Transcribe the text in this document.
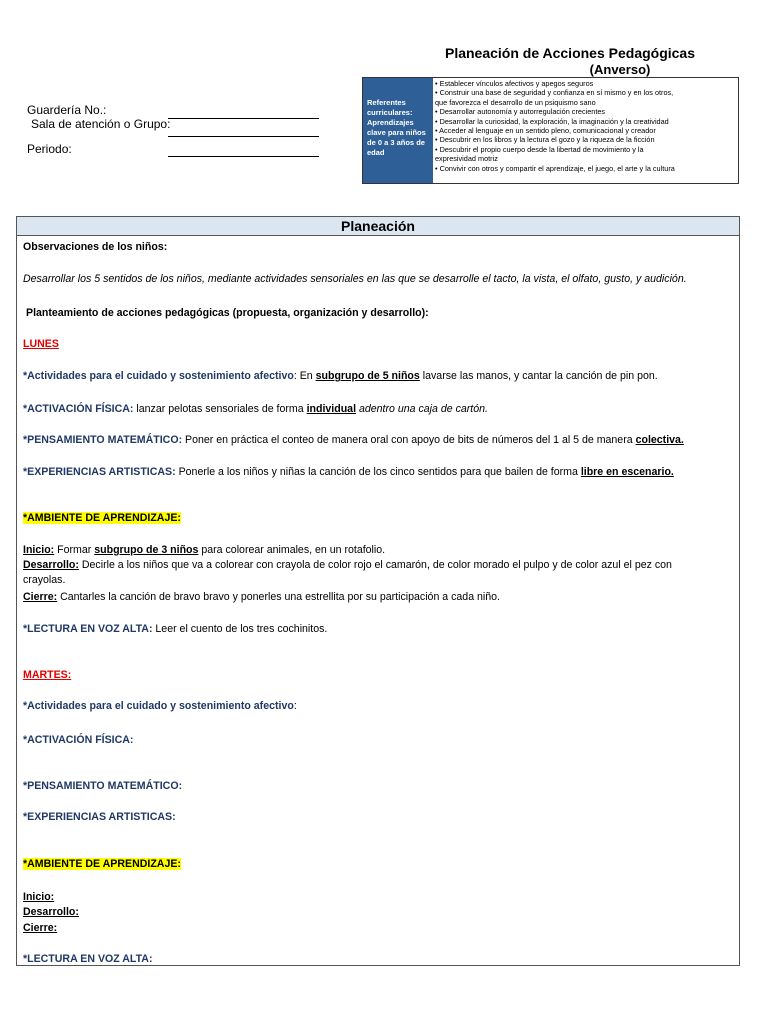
Planeación de Acciones Pedagógicas
(Anverso)
Guardería No.:
Sala de atención o Grupo:
Periodo:
Referentes curriculares: Aprendizajes clave para niños de 0 a 3 años de edad
• Establecer vínculos afectivos y apegos seguros
• Construir una base de seguridad y confianza en sí mismo y en los otros,
que favorezca el desarrollo de un psiquismo sano
• Desarrollar autonomía y autorregulación crecientes
• Desarrollar la curiosidad, la exploración, la imaginación y la creatividad
• Acceder al lenguaje en un sentido pleno, comunicacional y creador
• Descubrir en los libros y la lectura el gozo y la riqueza de la ficción
• Descubrir el propio cuerpo desde la libertad de movimiento y la
expresividad motriz
• Convivir con otros y compartir el aprendizaje, el juego, el arte y la cultura
Planeación
Observaciones de los niños:
Desarrollar los 5 sentidos de los niños, mediante actividades sensoriales en las que se desarrolle el tacto, la vista, el olfato, gusto, y audición.
Planteamiento de acciones pedagógicas (propuesta, organización y desarrollo):
LUNES
*Actividades para el cuidado y sostenimiento afectivo: En subgrupo de 5 niños lavarse las manos, y cantar la canción de pin pon.
*ACTIVACIÓN FÍSICA: lanzar pelotas sensoriales de forma individual adentro una caja de cartón.
*PENSAMIENTO MATEMÁTICO: Poner en práctica el conteo de manera oral con apoyo de bits de números del 1 al 5 de manera colectiva.
*EXPERIENCIAS ARTISTICAS: Ponerle a los niños y niñas la canción de los cinco sentidos para que bailen de forma libre en escenario.
*AMBIENTE DE APRENDIZAJE:
Inicio: Formar subgrupo de 3 niños para colorear animales, en un rotafolio.
Desarrollo: Decirle a los niños que va a colorear con crayola de color rojo el camarón, de color morado el pulpo y de color azul el pez con
crayolas.
Cierre: Cantarles la canción de bravo bravo y ponerles una estrellita por su participación a cada niño.
*LECTURA EN VOZ ALTA: Leer el cuento de los tres cochinitos.
MARTES:
*Actividades para el cuidado y sostenimiento afectivo:
*ACTIVACIÓN FÍSICA:
*PENSAMIENTO MATEMÁTICO:
*EXPERIENCIAS ARTISTICAS:
*AMBIENTE DE APRENDIZAJE:
Inicio:
Desarrollo:
Cierre:
*LECTURA EN VOZ ALTA:
